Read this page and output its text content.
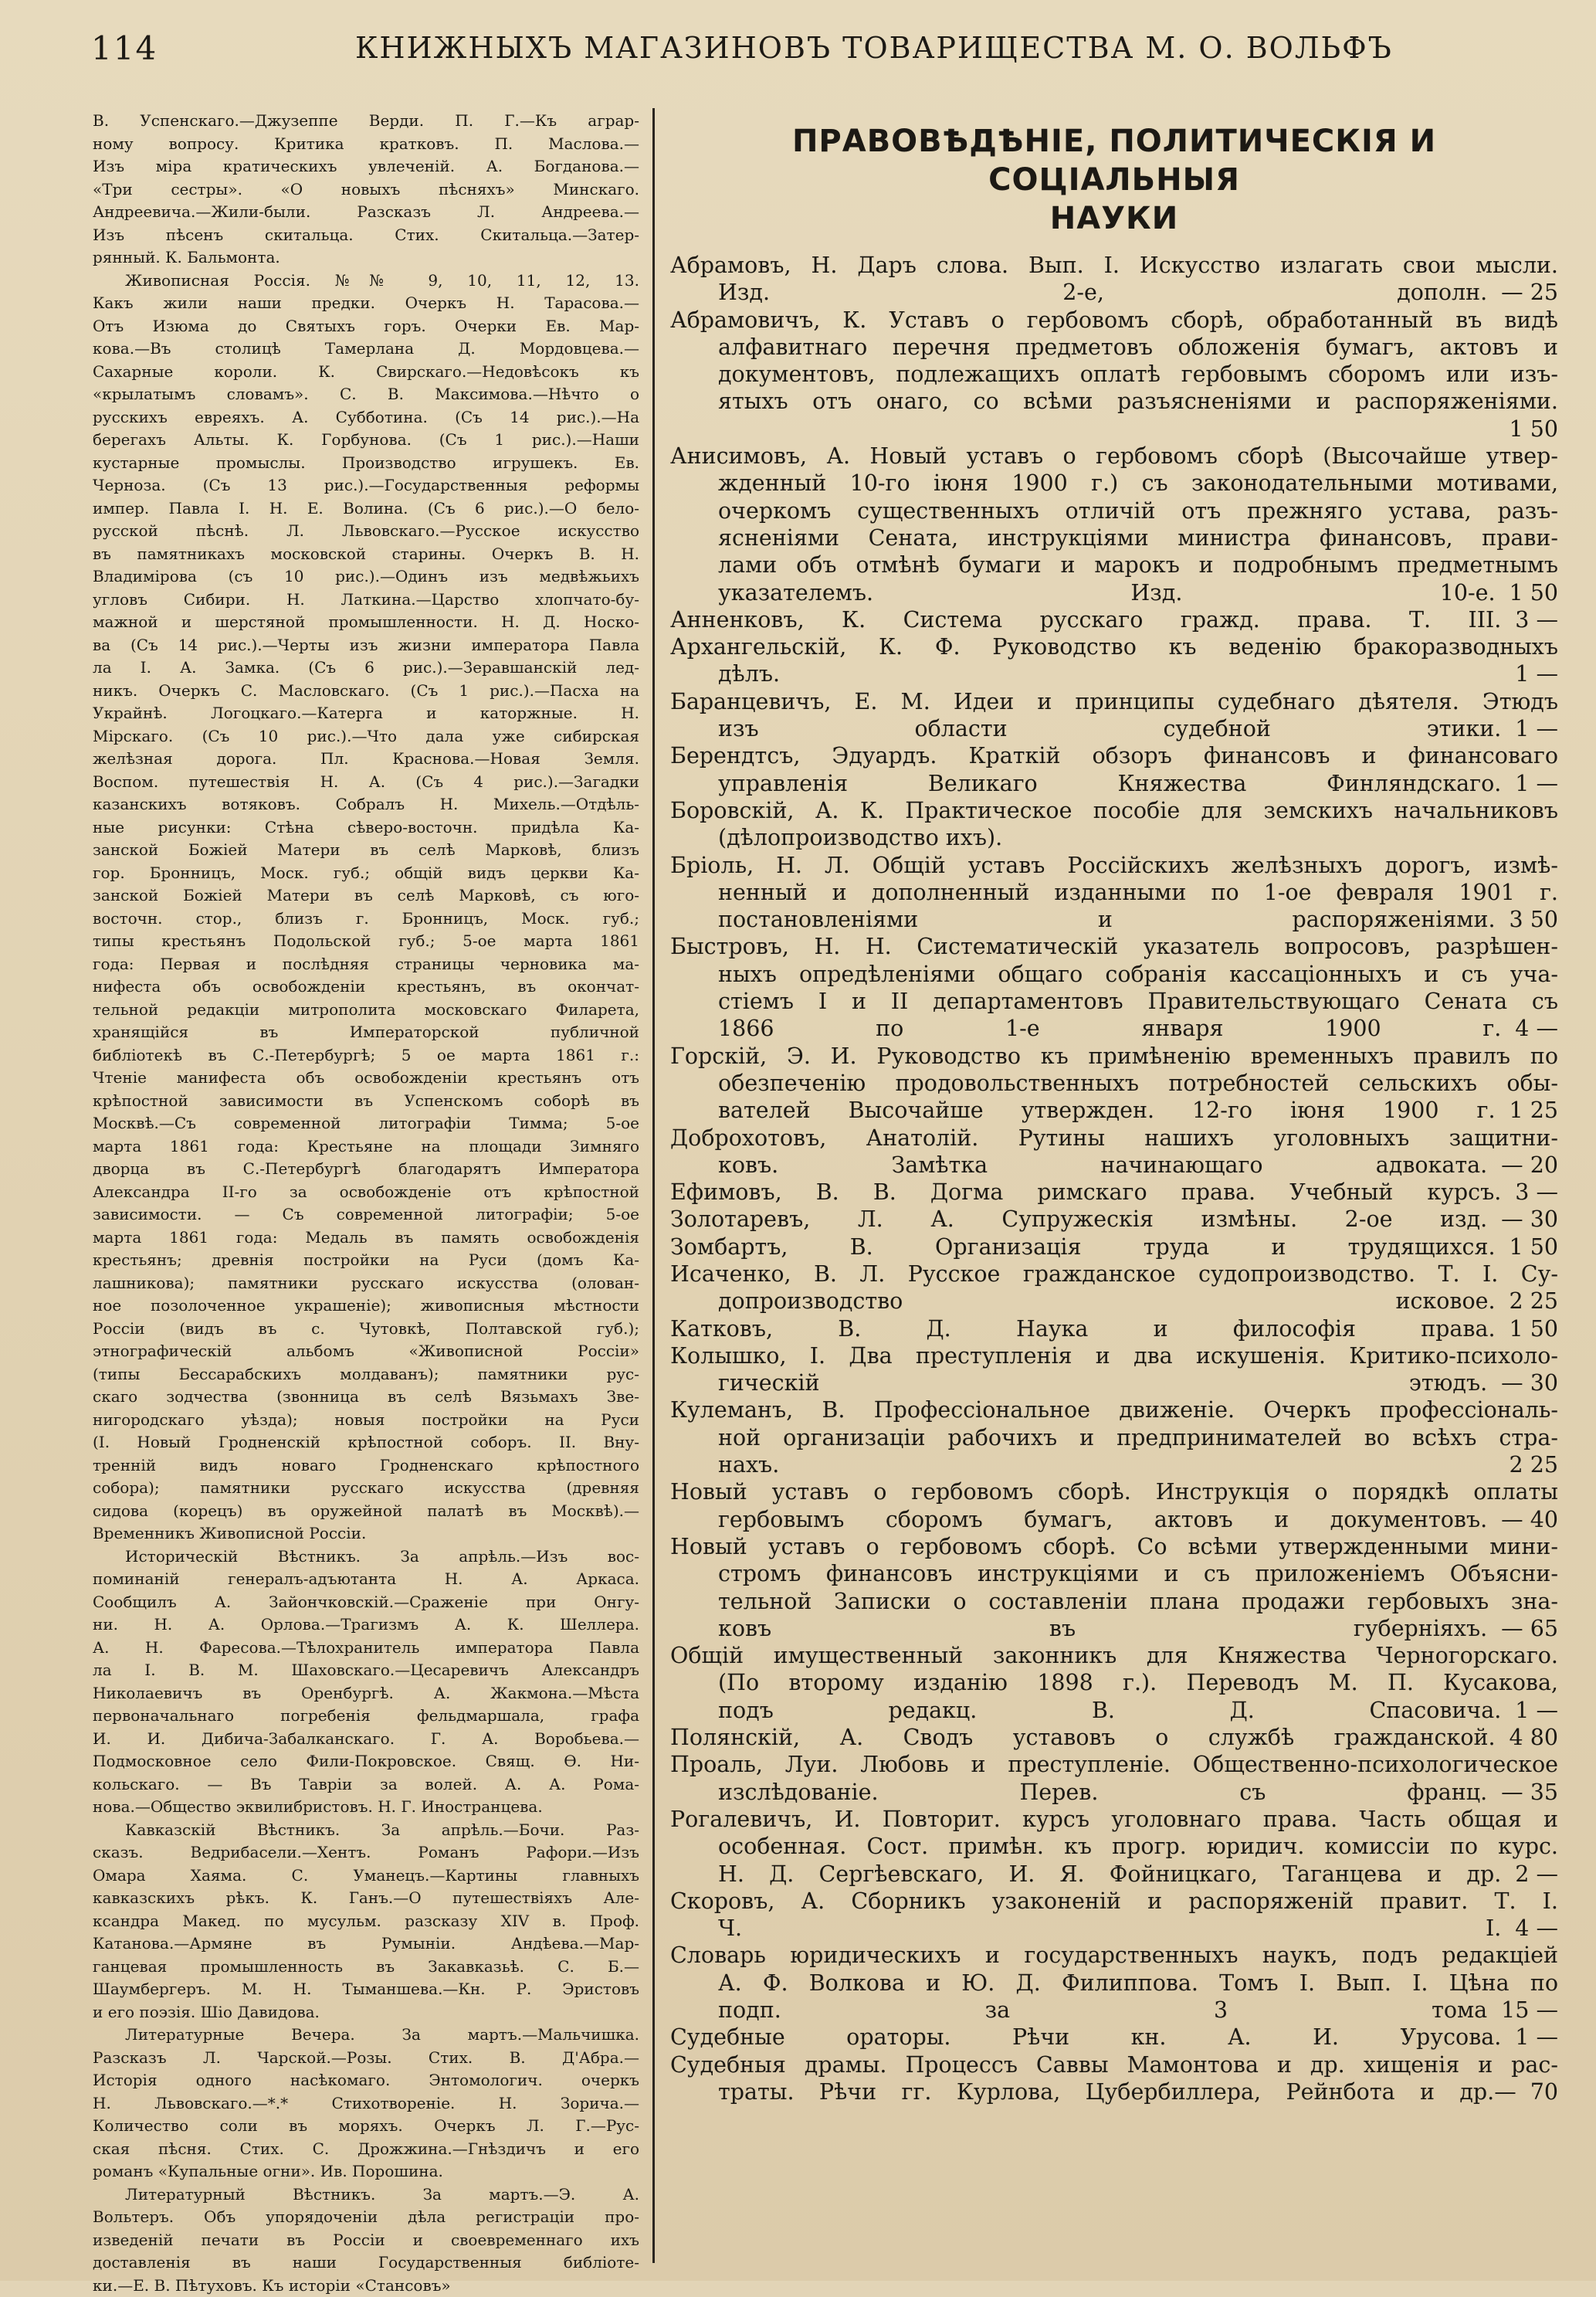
114	КНИЖНЫХЪ МАГАЗИНОВЪ ТОВАРИЩЕСТВА М. О. ВОЛЬФЪ
В. Успенскаго.—Джузеппе Верди. П. Г.—Къ аграр-
ному вопросу. Критика кратковъ. П. Маслова.—
Изъ міра кратическихъ увлеченій. А. Богданова.—
«Три сестры». «О новыхъ пѣсняхъ» Минскаго.
Андреевича.—Жили-были. Разсказъ Л. Андреева.—
Изъ пѣсенъ скитальца. Стих. Скитальца.—Затер-
рянный. К. Бальмонта.
Живописная Россія. №№ 9, 10, 11, 12, 13.
Какъ жили наши предки. Очеркъ Н. Тарасова.—
Отъ Изюма до Святыхъ горъ. Очерки Ев. Мар-
кова.—Въ столицѣ Тамерлана Д. Мордовцева.—
Сахарные короли. К. Свирскаго.—Недовѣсокъ къ
«крылатымъ словамъ». С. В. Максимова.—Нѣчто о
русскихъ евреяхъ. А. Субботина. (Съ 14 рис.).—На
берегахъ Альты. К. Горбунова. (Съ 1 рис.).—Наши
кустарные промыслы. Производство игрушекъ. Ев.
Черноза. (Съ 13 рис.).—Государственныя реформы
импер. Павла I. Н. Е. Волина. (Съ 6 рис.).—О бело-
русской пѣснѣ. Л. Львовскаго.—Русское искусство
въ памятникахъ московской старины. Очеркъ В. Н.
Владимірова (съ 10 рис.).—Одинъ изъ медвѣжьихъ
угловъ Сибири. Н. Латкина.—Царство хлопчато-бу-
мажной и шерстяной промышленности. Н. Д. Носко-
ва (Съ 14 рис.).—Черты изъ жизни императора Павла
ла I. А. Замка. (Съ 6 рис.).—Зеравшанскій лед-
никъ. Очеркъ С. Масловскаго. (Съ 1 рис.).—Пасха на
Украйнѣ. Логоцкаго.—Катерга и каторжные. Н.
Мірскаго. (Съ 10 рис.).—Что дала уже сибирская
желѣзная дорога. Пл. Краснова.—Новая Земля.
Воспом. путешествія Н. А. (Съ 4 рис.).—Загадки
казанскихъ вотяковъ. Собралъ Н. Михель.—Отдѣль-
ные рисунки: Стѣна сѣверо-восточн. придѣла Ка-
занской Божіей Матери въ селѣ Марковѣ, близъ
гор. Бронницъ, Моск. губ.; общій видъ церкви Ка-
занской Божіей Матери въ селѣ Марковѣ, съ юго-
восточн. стор., близъ г. Бронницъ, Моск. губ.;
типы крестьянъ Подольской губ.; 5-ое марта 1861
года: Первая и послѣдняя страницы черновика ма-
нифеста объ освобожденіи крестьянъ, въ окончат-
тельной редакціи митрополита московскаго Филарета,
хранящійся въ Императорской публичной
библіотекѣ въ С.-Петербургѣ; 5 ое марта 1861 г.:
Чтеніе манифеста объ освобожденіи крестьянъ отъ
крѣпостной зависимости въ Успенскомъ соборѣ въ
Москвѣ.—Съ современной литографіи Тимма; 5-ое
марта 1861 года: Крестьяне на площади Зимняго
дворца въ С.-Петербургѣ благодарятъ Императора
Александра II-го за освобожденіе отъ крѣпостной
зависимости. — Съ современной литографіи; 5-ое
марта 1861 года: Медаль въ память освобожденія
крестьянъ; древнія постройки на Руси (домъ Ка-
лашникова); памятники русскаго искусства (олован-
ное позолоченное украшеніе); живописныя мѣстности
Россіи (видъ въ с. Чутовкѣ, Полтавской губ.);
этнографическій альбомъ «Живописной Россіи»
(типы Бессарабскихъ молдаванъ); памятники рус-
скаго зодчества (звонница въ селѣ Вязьмахъ Зве-
нигородскаго уѣзда); новыя постройки на Руси
(I. Новый Гродненскій крѣпостной соборъ. II. Вну-
тренній видъ новаго Гродненскаго крѣпостного
собора); памятники русскаго искусства (древняя
сидова (корецъ) въ оружейной палатѣ въ Москвѣ).—
Временникъ Живописной Россіи.
Историческій Вѣстникъ. За апрѣль.—Изъ вос-
поминаній генералъ-адъютанта Н. А. Аркаса.
Сообщилъ А. Зайончковскій.—Сраженіе при Онгу-
ни. Н. А. Орлова.—Трагизмъ А. К. Шеллера.
А. Н. Фаресова.—Тѣлохранитель императора Павла
ла I. В. М. Шаховскаго.—Цесаревичъ Александръ
Николаевичъ въ Оренбургѣ. А. Жакмона.—Мѣста
первоначальнаго погребенія фельдмаршала, графа
И. И. Дибича-Забалканскаго. Г. А. Воробьева.—
Подмосковное село Фили-Покровское. Свящ. Ѳ. Ни-
кольскаго. — Въ Тавріи за волей. А. А. Рома-
нова.—Общество эквилибристовъ. Н. Г. Иностранцева.
Кавказскій Вѣстникъ. За апрѣль.—Бочи. Раз-
сказъ. Ведрибасели.—Хентъ. Романъ Рафори.—Изъ
Омара Хаяма. С. Уманецъ.—Картины главныхъ
кавказскихъ рѣкъ. К. Ганъ.—О путешествіяхъ Але-
ксандра Макед. по мусульм. разсказу XIV в. Проф.
Катанова.—Армяне въ Румыніи. Андѣева.—Мар-
ганцевая промышленность въ Закавказьѣ. С. Б.—
Шаумбергеръ. М. Н. Тыманшева.—Кн. Р. Эристовъ
и его поэзія. Шіо Давидова.
Литературные Вечера. За мартъ.—Мальчишка.
Разсказъ Л. Чарской.—Розы. Стих. В. Д'Абра.—
Исторія одного насѣкомаго. Энтомологич. очеркъ
Н. Львовскаго.—*.* Стихотвореніе. Н. Зорича.—
Количество соли въ моряхъ. Очеркъ Л. Г.—Рус-
ская пѣсня. Стих. С. Дрожжина.—Гнѣздичъ и его
романъ «Купальные огни». Ив. Порошина.
Литературный Вѣстникъ. За мартъ.—Э. А.
Вольтеръ. Объ упорядоченіи дѣла регистраціи про-
изведеній печати въ Россіи и своевременнаго ихъ
доставленія въ наши Государственныя библіоте-
ки.—Е. В. Пѣтуховъ. Къ исторіи «Стансовъ»
ПРАВОВѢДѢНІЕ, ПОЛИТИЧЕСКІЯ И СОЦІАЛЬНЫЯ
НАУКИ
Абрамовъ, Н. Даръ слова. Вып. I. Искусство излагать свои мысли.
Изд. 2-е, дополн. — 25
Абрамовичъ, К. Уставъ о гербовомъ сборѣ, обработанный въ видѣ
алфавитнаго перечня предметовъ обложенія бумагъ, актовъ и
документовъ, подлежащихъ оплатѣ гербовымъ сборомъ или изъ-
ятыхъ отъ онаго, со всѣми разъясненіями и распоряженіями.
1 50
Анисимовъ, А. Новый уставъ о гербовомъ сборѣ (Высочайше утвер-
жденный 10-го іюня 1900 г.) съ законодательными мотивами,
очеркомъ существенныхъ отличій отъ прежняго устава, разъ-
ясненіями Сената, инструкціями министра финансовъ, прави-
лами объ отмѣнѣ бумаги и марокъ и подробнымъ предметнымъ
указателемъ. Изд. 10-е. 1 50
Анненковъ, К. Система русскаго гражд. права. Т. III. 3 —
Архангельскій, К. Ф. Руководство къ веденію бракоразводныхъ
дѣлъ.	1 —
Баранцевичъ, Е. М. Идеи и принципы судебнаго дѣятеля. Этюдъ
изъ области судебной этики. 1 —
Берендтсъ, Эдуардъ. Краткій обзоръ финансовъ и финансоваго
управленія Великаго Княжества Финляндскаго. 1 —
Боровскій, А. К. Практическое пособіе для земскихъ начальниковъ
(дѣлопроизводство ихъ).
Бріоль, Н. Л. Общій уставъ Россійскихъ желѣзныхъ дорогъ, измѣ-
ненный и дополненный изданными по 1-ое февраля 1901 г.
постановленіями и распоряженіями. 3 50
Быстровъ, Н. Н. Систематическій указатель вопросовъ, разрѣшен-
ныхъ опредѣленіями общаго собранія кассаціонныхъ и съ уча-
стіемъ I и II департаментовъ Правительствующаго Сената съ
1866 по 1-е января 1900 г. 4 —
Горскій, Э. И. Руководство къ примѣненію временныхъ правилъ по
обезпеченію продовольственныхъ потребностей сельскихъ обы-
вателей Высочайше утвержден. 12-го іюня 1900 г. 1 25
Доброхотовъ, Анатолій. Рутины нашихъ уголовныхъ защитни-
ковъ. Замѣтка начинающаго адвоката. — 20
Ефимовъ, В. В. Догма римскаго права. Учебный курсъ. 3 —
Золотаревъ, Л. А. Супружескія измѣны. 2-ое изд. — 30
Зомбартъ, В. Организація труда и трудящихся. 1 50
Исаченко, В. Л. Русское гражданское судопроизводство. Т. I. Су-
допроизводство исковое. 2 25
Катковъ, В. Д. Наука и философія права. 1 50
Колышко, I. Два преступленія и два искушенія. Критико-психоло-
гическій этюдъ. — 30
Кулеманъ, В. Профессіональное движеніе. Очеркъ профессіональ-
ной организаціи рабочихъ и предпринимателей во всѣхъ стра-
нахъ.	2 25
Новый уставъ о гербовомъ сборѣ. Инструкція о порядкѣ оплаты
гербовымъ сборомъ бумагъ, актовъ и документовъ. — 40
Новый уставъ о гербовомъ сборѣ. Со всѣми утвержденными мини-
стромъ финансовъ инструкціями и съ приложеніемъ Объясни-
тельной Записки о составленіи плана продажи гербовыхъ зна-
ковъ въ губерніяхъ. — 65
Общій имущественный законникъ для Княжества Черногорскаго.
(По второму изданію 1898 г.). Переводъ М. П. Кусакова,
подъ редакц. В. Д. Спасовича. 1 —
Полянскій, А. Сводъ уставовъ о службѣ гражданской. 4 80
Проаль, Луи. Любовь и преступленіе. Общественно-психологическое
изслѣдованіе. Перев. съ франц. — 35
Рогалевичъ, И. Повторит. курсъ уголовнаго права. Часть общая и
особенная. Сост. примѣн. къ прогр. юридич. комиссіи по курс.
Н. Д. Сергѣевскаго, И. Я. Фойницкаго, Таганцева и др. 2 —
Скоровъ, А. Сборникъ узаконеній и распоряженій правит. Т. I.
Ч. I. 4 —
Словарь юридическихъ и государственныхъ наукъ, подъ редакціей
А. Ф. Волкова и Ю. Д. Филиппова. Томъ I. Вып. I. Цѣна по
подп. за 3 тома 15 —
Судебные ораторы. Рѣчи кн. А. И. Урусова. 1 —
Судебныя драмы. Процессъ Саввы Мамонтова и др. хищенія и рас-
траты. Рѣчи гг. Курлова, Цубербиллера, Рейнбота и др.— 70
